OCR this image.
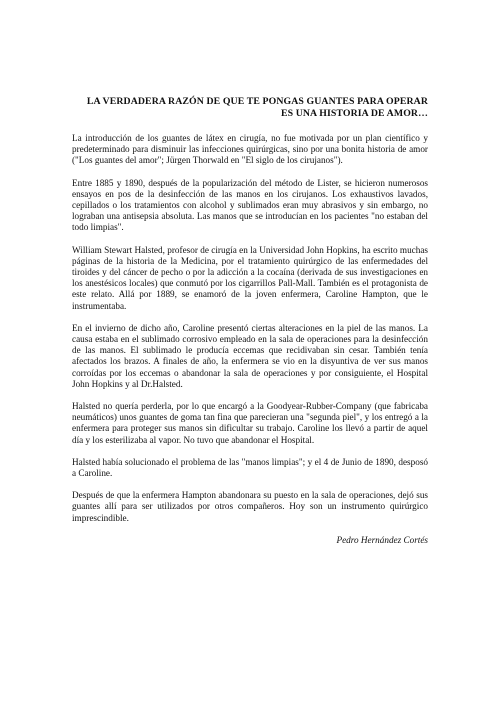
LA VERDADERA RAZÓN DE QUE TE PONGAS GUANTES PARA OPERAR
ES UNA HISTORIA DE AMOR…

La introducción de los guantes de látex en cirugía, no fue motivada por un plan científico y predeterminado para disminuir las infecciones quirúrgicas, sino por una bonita historia de amor ("Los guantes del amor"; Jürgen Thorwald en "El siglo de los cirujanos").

Entre 1885 y 1890, después de la popularización del método de Lister, se hicieron numerosos ensayos en pos de la desinfección de las manos en los cirujanos. Los exhaustivos lavados, cepillados o los tratamientos con alcohol y sublimados eran muy abrasivos y sin embargo, no lograban una antisepsia absoluta. Las manos que se introducían en los pacientes "no estaban del todo limpias".

William Stewart Halsted, profesor de cirugía en la Universidad John Hopkins, ha escrito muchas páginas de la historia de la Medicina, por el tratamiento quirúrgico de las enfermedades del tiroides y del cáncer de pecho o por la adicción a la cocaína (derivada de sus investigaciones en los anestésicos locales) que conmutó por los cigarrillos Pall-Mall. También es el protagonista de este relato. Allá por 1889, se enamoró de la joven enfermera, Caroline Hampton, que le instrumentaba.

En el invierno de dicho año, Caroline presentó ciertas alteraciones en la piel de las manos. La causa estaba en el sublimado corrosivo empleado en la sala de operaciones para la desinfección de las manos. El sublimado le producía eccemas que recidivaban sin cesar. También tenía afectados los brazos. A finales de año, la enfermera se vio en la disyuntiva de ver sus manos corroídas por los eccemas o abandonar la sala de operaciones y por consiguiente, el Hospital John Hopkins y al Dr.Halsted.

Halsted no quería perderla, por lo que encargó a la Goodyear-Rubber-Company (que fabricaba neumáticos) unos guantes de goma tan finа que parecieran una "segunda piel", y los entregó a la enfermera para proteger sus manos sin dificultar su trabajo. Caroline los llevó a partir de aquel día y los esterilizaba al vapor. No tuvo que abandonar el Hospital.

Halsted había solucionado el problema de las "manos limpias"; y el 4 de Junio de 1890, desposó a Caroline.

Después de que la enfermera Hampton abandonara su puesto en la sala de operaciones, dejó sus guantes allí para ser utilizados por otros compañeros. Hoy son un instrumento quirúrgico imprescindible.

Pedro Hernández Cortés
